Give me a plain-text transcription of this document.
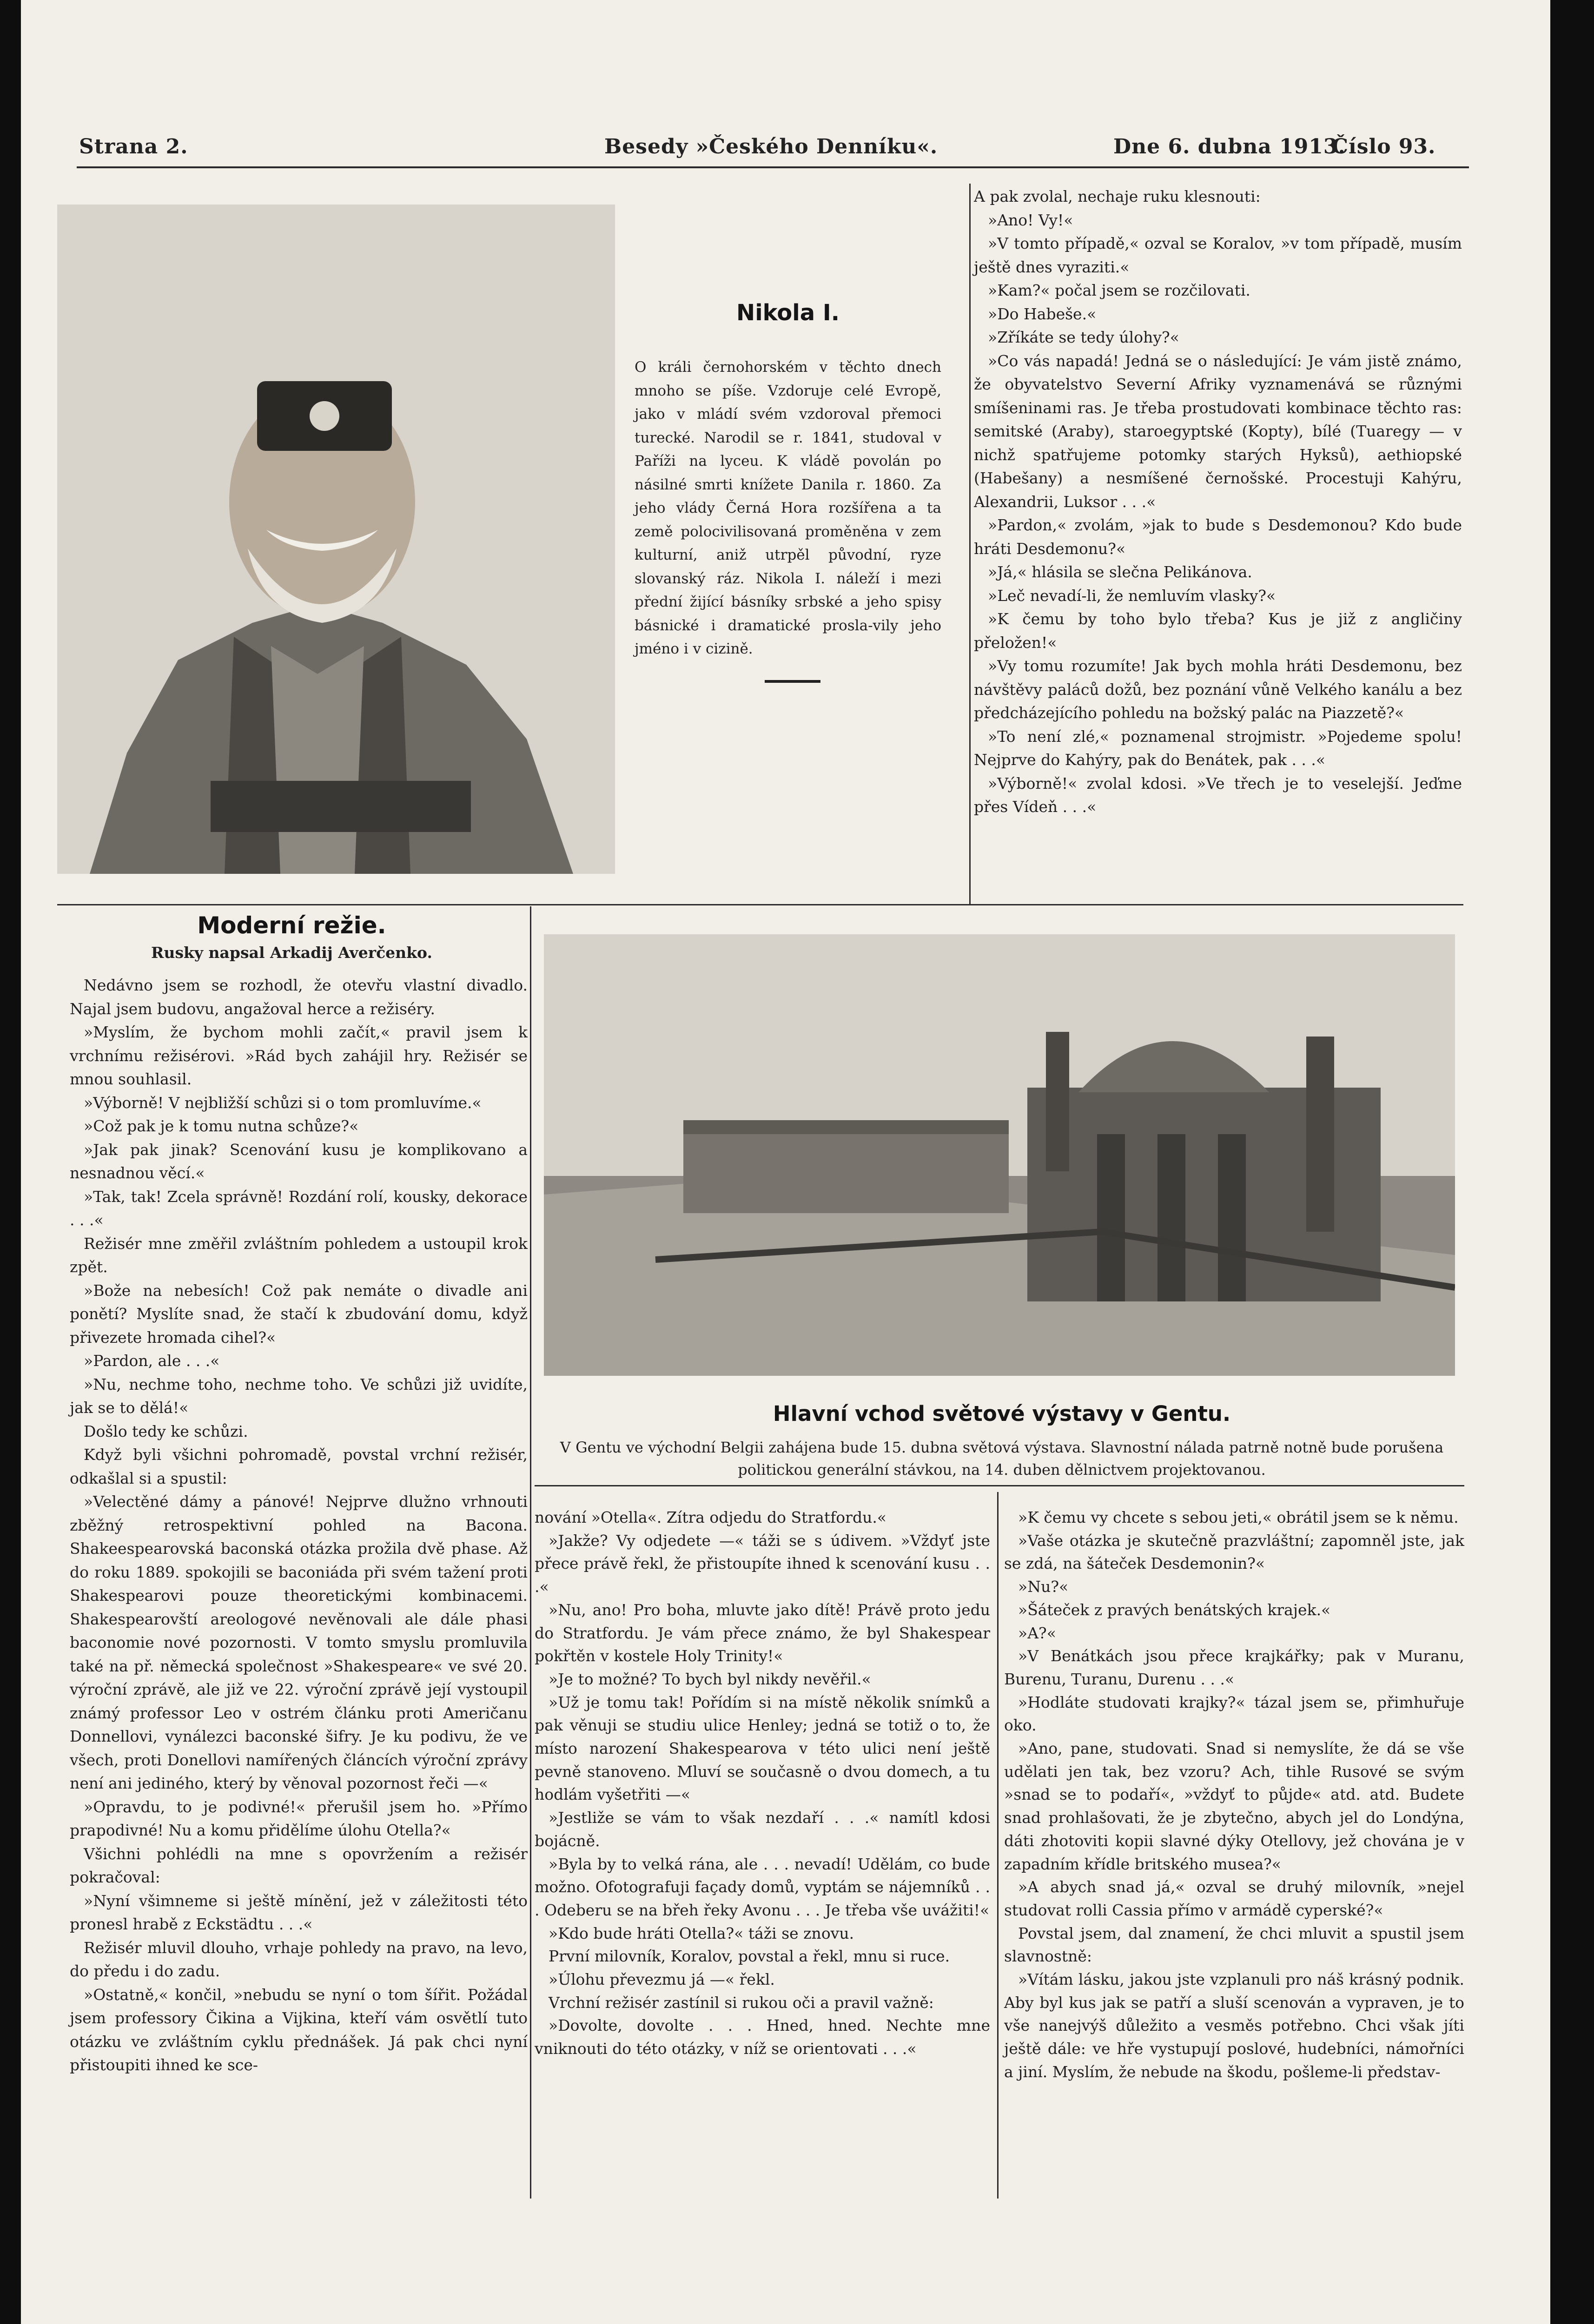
Strana 2.	Besedy »Českého Denníku«.	Dne 6. dubna 1913.
Číslo 93.
Nikola I.

O králi černohorském v těchto dnech mnoho se píše. Vzdoruje celé Evropě, jako v mládí svém vzdoroval přemoci turecké. Narodil se r. 1841, studoval v Paříži na lyceu. K vládě povolán po násilné smrti knížete Danila r. 1860. Za jeho vlády Černá Hora rozšířena a ta země polocivilisovaná proměněna v zem kulturní, aniž utrpěl původní, ryze slovanský ráz. Nikola I. náleží i mezi přední žijící básníky srbské a jeho spisy básnické i dramatické prosla-vily jeho jméno i v cizině.

A pak zvolal, nechaje ruku klesnouti:

»Ano! Vy!«

»V tomto případě,« ozval se Koralov, »v tom případě, musím ještě dnes vyraziti.«

»Kam?« počal jsem se rozčilovati.

»Do Habeše.«

»Zříkáte se tedy úlohy?«

»Co vás napadá! Jedná se o následující: Je vám jistě známo, že obyvatelstvo Severní Afriky vyznamenává se různými smíšeninami ras. Je třeba prostudovati kombinace těchto ras: semitské (Araby), staroegyptské (Kopty), bílé (Tuaregy — v nichž spatřujeme potomky starých Hyksů), aethiopské (Habešany) a nesmíšené černošské. Procestuji Kahýru, Alexandrii, Luksor . . .«

»Pardon,« zvolám, »jak to bude s Desdemonou? Kdo bude hráti Desdemonu?«

»Já,« hlásila se slečna Pelikánova.

»Leč nevadí-li, že nemluvím vlasky?«

»K čemu by toho bylo třeba? Kus je již z angličiny přeložen!«

»Vy tomu rozumíte! Jak bych mohla hráti Desdemonu, bez návštěvy paláců dožů, bez poznání vůně Velkého kanálu a bez předcházejícího pohledu na božský palác na Piazzetě?«

»To není zlé,« poznamenal strojmistr. »Pojedeme spolu! Nejprve do Kahýry, pak do Benátek, pak . . .«

»Výborně!« zvolal kdosi. »Ve třech je to veselejší. Jeďme přes Vídeň . . .«

Moderní režie.
Rusky napsal Arkadij Averčenko.

Nedávno jsem se rozhodl, že otevřu vlastní divadlo. Najal jsem budovu, angažoval herce a režiséry.

»Myslím, že bychom mohli začít,« pravil jsem k vrchnímu režisérovi. »Rád bych zahájil hry. Režisér se mnou souhlasil.

»Výborně! V nejbližší schůzi si o tom promluvíme.«

»Což pak je k tomu nutna schůze?«

»Jak pak jinak? Scenování kusu je komplikovano a nesnadnou věcí.«

»Tak, tak! Zcela správně! Rozdání rolí, kousky, dekorace . . .«

Režisér mne změřil zvláštním pohledem a ustoupil krok zpět.

»Bože na nebesích! Což pak nemáte o divadle ani ponětí? Myslíte snad, že stačí k zbudování domu, když přivezete hromada cihel?«

»Pardon, ale . . .«

»Nu, nechme toho, nechme toho. Ve schůzi již uvidíte, jak se to dělá!«

Došlo tedy ke schůzi.

Když byli všichni pohromadě, povstal vrchní režisér, odkašlal si a spustil:

»Velectěné dámy a pánové! Nejprve dlužno vrhnouti zběžný retrospektivní pohled na Bacona. Shakeespearovská baconská otázka prožila dvě phase. Až do roku 1889. spokojili se baconiáda při svém tažení proti Shakespearovi pouze theoretickými kombinacemi. Shakespearovští areologové nevěnovali ale dále phasi baconomie nové pozornosti. V tomto smyslu promluvila také na př. německá společnost »Shakespeare« ve své 20. výroční zprávě, ale již ve 22. výroční zprávě její vystoupil známý professor Leo v ostrém článku proti Američanu Donnellovi, vynálezci baconské šifry. Je ku podivu, že ve všech, proti Donellovi namířených článcích výroční zprávy není ani jediného, který by věnoval pozornost řeči —«

»Opravdu, to je podivné!« přerušil jsem ho. »Přímo prapodivné! Nu a komu přidělíme úlohu Otella?«

Všichni pohlédli na mne s opovržením a režisér pokračoval:

»Nyní všimneme si ještě mínění, jež v záležitosti této pronesl hrabě z Eckstädtu . . .«

Režisér mluvil dlouho, vrhaje pohledy na pravo, na levo, do předu i do zadu.

»Ostatně,« končil, »nebudu se nyní o tom šířit. Požádal jsem professory Čikina a Vijkina, kteří vám osvětlí tuto otázku ve zvláštním cyklu přednášek. Já pak chci nyní přistoupiti ihned ke sce-

Hlavní vchod světové výstavy v Gentu.
V Gentu ve východní Belgii zahájena bude 15. dubna světová výstava. Slavnostní nálada patrně notně bude porušena politickou generální stávkou, na 14. duben dělnictvem projektovanou.

nování »Otella«. Zítra odjedu do Stratfordu.«

»Jakže? Vy odjedete —« táži se s údivem. »Vždyť jste přece právě řekl, že přistoupíte ihned k scenování kusu . . .«

»Nu, ano! Pro boha, mluvte jako dítě! Právě proto jedu do Stratfordu. Je vám přece známo, že byl Shakespear pokřtěn v kostele Holy Trinity!«

»Je to možné? To bych byl nikdy nevěřil.«

»Už je tomu tak! Pořídím si na místě několik snímků a pak věnuji se studiu ulice Henley; jedná se totiž o to, že místo narození Shakespearova v této ulici není ještě pevně stanoveno. Mluví se současně o dvou domech, a tu hodlám vyšetřiti —«

»Jestliže se vám to však nezdaří . . .« namítl kdosi bojácně.

»Byla by to velká rána, ale . . . nevadí! Udělám, co bude možno. Ofotografuji façady domů, vyptám se nájemníků . . . Odeberu se na břeh řeky Avonu . . . Je třeba vše uvážiti!«

»Kdo bude hráti Otella?« táži se znovu.

První milovník, Koralov, povstal a řekl, mnu si ruce.

»Úlohu převezmu já —« řekl.

Vrchní režisér zastínil si rukou oči a pravil važně:

»Dovolte, dovolte . . . Hned, hned. Nechte mne vniknouti do této otázky, v níž se orientovati . . .«

»K čemu vy chcete s sebou jeti,« obrátil jsem se k němu.

»Vaše otázka je skutečně prazvláštní; zapomněl jste, jak se zdá, na šáteček Desdemonin?«

»Nu?«

»Šáteček z pravých benátských krajek.«

»A?«

»V Benátkách jsou přece krajkářky; pak v Muranu, Burenu, Turanu, Durenu . . .«

»Hodláte studovati krajky?« tázal jsem se, přimhuřuje oko.

»Ano, pane, studovati. Snad si nemyslíte, že dá se vše udělati jen tak, bez vzoru? Ach, tihle Rusové se svým »snad se to podaří«, »vždyť to půjde« atd. atd. Budete snad prohlašovati, že je zbytečno, abych jel do Londýna, dáti zhotoviti kopii slavné dýky Otellovy, jež chována je v zapadním křídle britského musea?«

»A abych snad já,« ozval se druhý milovník, »nejel studovat rolli Cassia přímo v armádě cyperské?«

Povstal jsem, dal znamení, že chci mluvit a spustil jsem slavnostně:

»Vítám lásku, jakou jste vzplanuli pro náš krásný podnik. Aby byl kus jak se patří a sluší scenován a vypraven, je to vše nanejvýš důležito a vesměs potřebno. Chci však jíti ještě dále: ve hře vystupují poslové, hudebníci, námořníci a jiní. Myslím, že nebude na škodu, pošleme-li představ-
